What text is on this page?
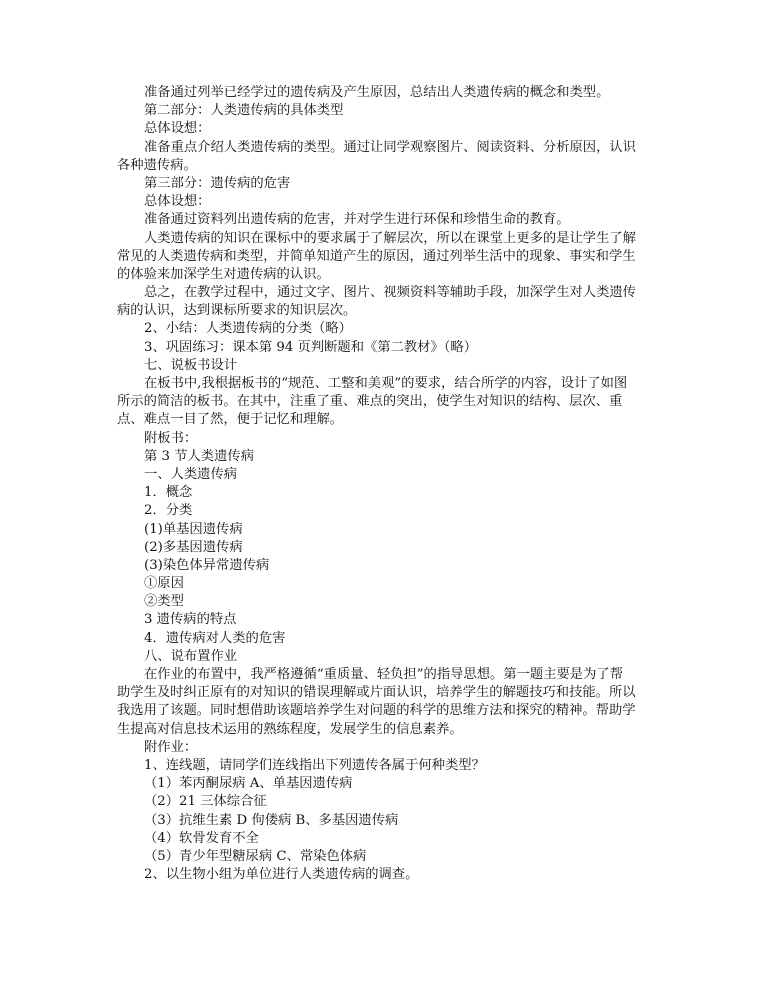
准备通过列举已经学过的遗传病及产生原因，总结出人类遗传病的概念和类型。

第二部分：人类遗传病的具体类型

总体设想：

准备重点介绍人类遗传病的类型。通过让同学观察图片、阅读资料、分析原因，认识

各种遗传病。

第三部分：遗传病的危害

总体设想：

准备通过资料列出遗传病的危害，并对学生进行环保和珍惜生命的教育。

人类遗传病的知识在课标中的要求属于了解层次，所以在课堂上更多的是让学生了解

常见的人类遗传病和类型，并简单知道产生的原因，通过列举生活中的现象、事实和学生

的体验来加深学生对遗传病的认识。

总之，在教学过程中，通过文字、图片、视频资料等辅助手段，加深学生对人类遗传

病的认识，达到课标所要求的知识层次。

2、小结：人类遗传病的分类（略）

3、巩固练习：课本第 94 页判断题和《第二教材》（略）

七、说板书设计

在板书中,我根据板书的“规范、工整和美观”的要求，结合所学的内容，设计了如图

所示的简洁的板书。在其中，注重了重、难点的突出，使学生对知识的结构、层次、重

点、难点一目了然，便于记忆和理解。

附板书：

第 3 节人类遗传病

一、人类遗传病

1．概念

2．分类

(1)单基因遗传病

(2)多基因遗传病

(3)染色体异常遗传病

①原因

②类型

3 遗传病的特点

4．遗传病对人类的危害

八、说布置作业

在作业的布置中，我严格遵循“重质量、轻负担”的指导思想。第一题主要是为了帮

助学生及时纠正原有的对知识的错误理解或片面认识，培养学生的解题技巧和技能。所以

我选用了该题。同时想借助该题培养学生对问题的科学的思维方法和探究的精神。帮助学

生提高对信息技术运用的熟练程度，发展学生的信息素养。

附作业：

1、连线题，请同学们连线指出下列遗传各属于何种类型？

（1）苯丙酮尿病 A、单基因遗传病

（2）21 三体综合征

（3）抗维生素 D 佝偻病 B、多基因遗传病

（4）软骨发育不全

（5）青少年型糖尿病 C、常染色体病

2、以生物小组为单位进行人类遗传病的调查。
